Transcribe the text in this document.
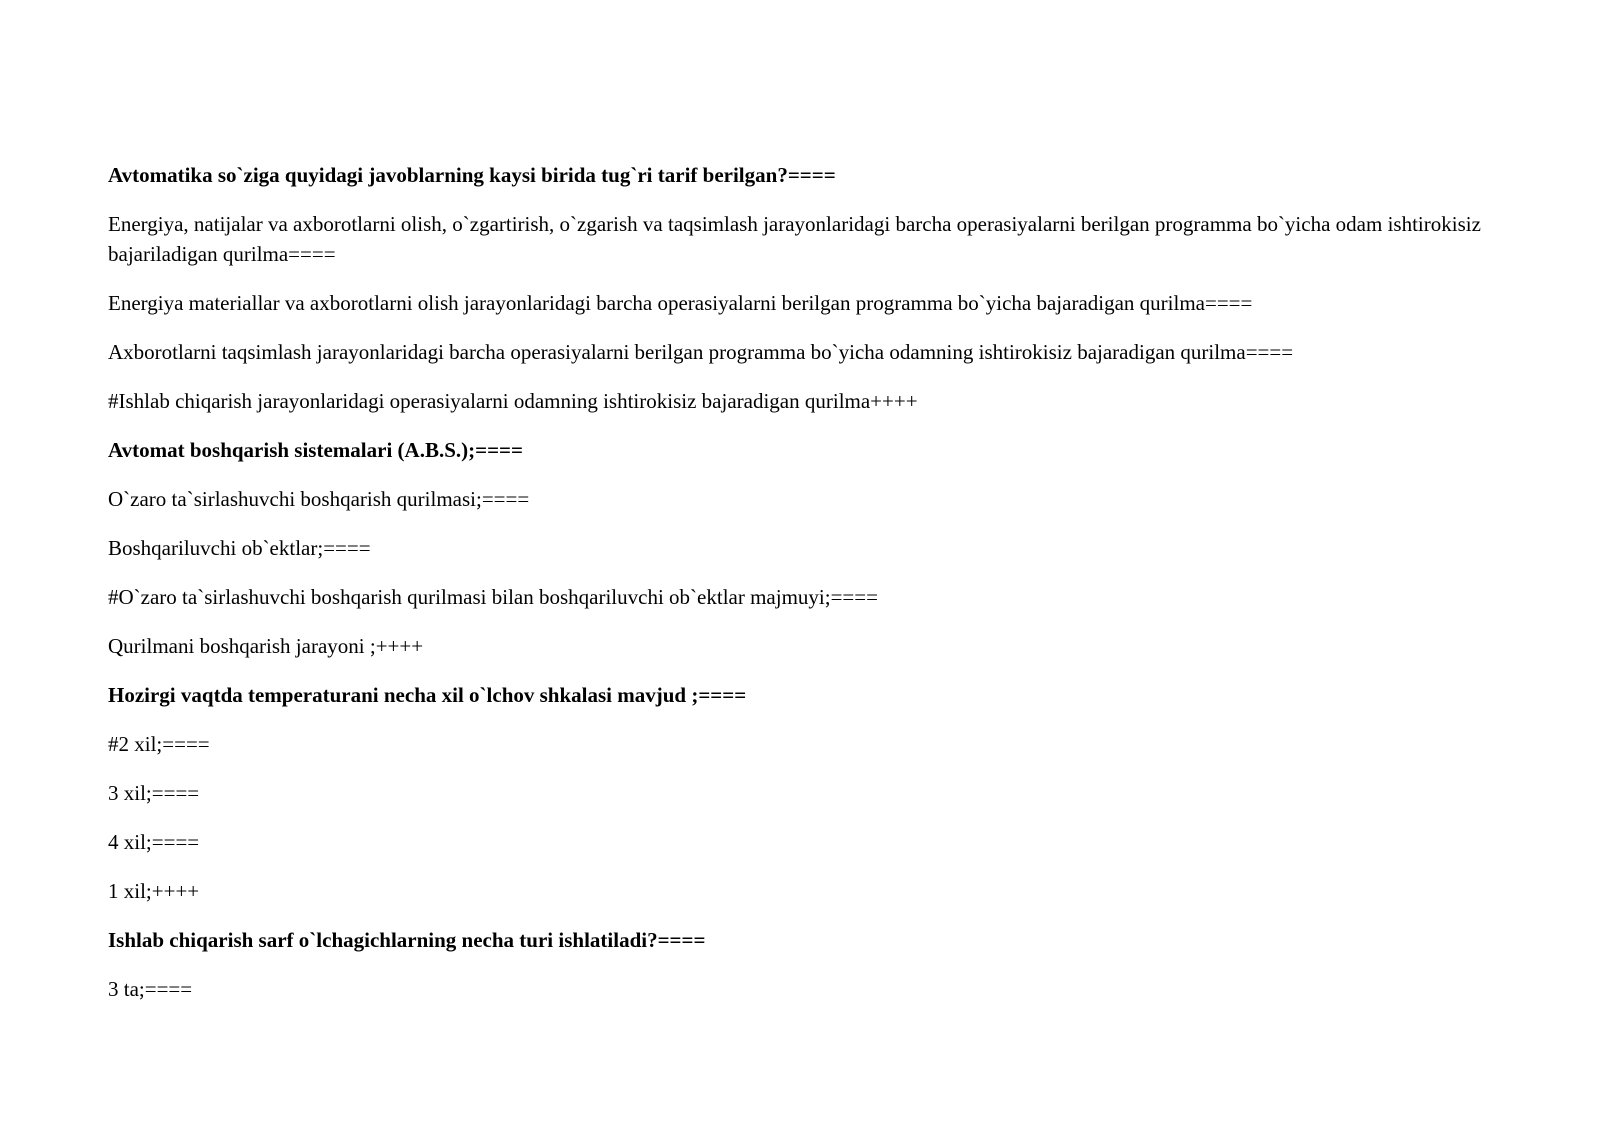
Avtomatika so`ziga quyidagi javoblarning kaysi birida tug`ri tarif berilgan?====

Energiya, natijalar va axborotlarni olish, o`zgartirish, o`zgarish va taqsimlash jarayonlaridagi barcha operasiyalarni berilgan programma bo`yicha odam ishtirokisiz bajariladigan qurilma====

Energiya materiallar va axborotlarni olish jarayonlaridagi barcha operasiyalarni berilgan programma bo`yicha bajaradigan qurilma====

Axborotlarni taqsimlash jarayonlaridagi barcha operasiyalarni berilgan programma bo`yicha odamning ishtirokisiz bajaradigan qurilma====

#Ishlab chiqarish jarayonlaridagi operasiyalarni odamning ishtirokisiz bajaradigan qurilma++++

Avtomat boshqarish sistemalari (A.B.S.);====

O`zaro ta`sirlashuvchi boshqarish qurilmasi;====

Boshqariluvchi ob`ektlar;====

#O`zaro ta`sirlashuvchi boshqarish qurilmasi bilan boshqariluvchi ob`ektlar majmuyi;====

Qurilmani boshqarish jarayoni ;++++

Hozirgi vaqtda temperaturani necha xil o`lchov shkalasi mavjud ;====

#2 xil;====

3 xil;====

4 xil;====

1 xil;++++

Ishlab chiqarish sarf o`lchagichlarning necha turi ishlatiladi?====

3 ta;====
